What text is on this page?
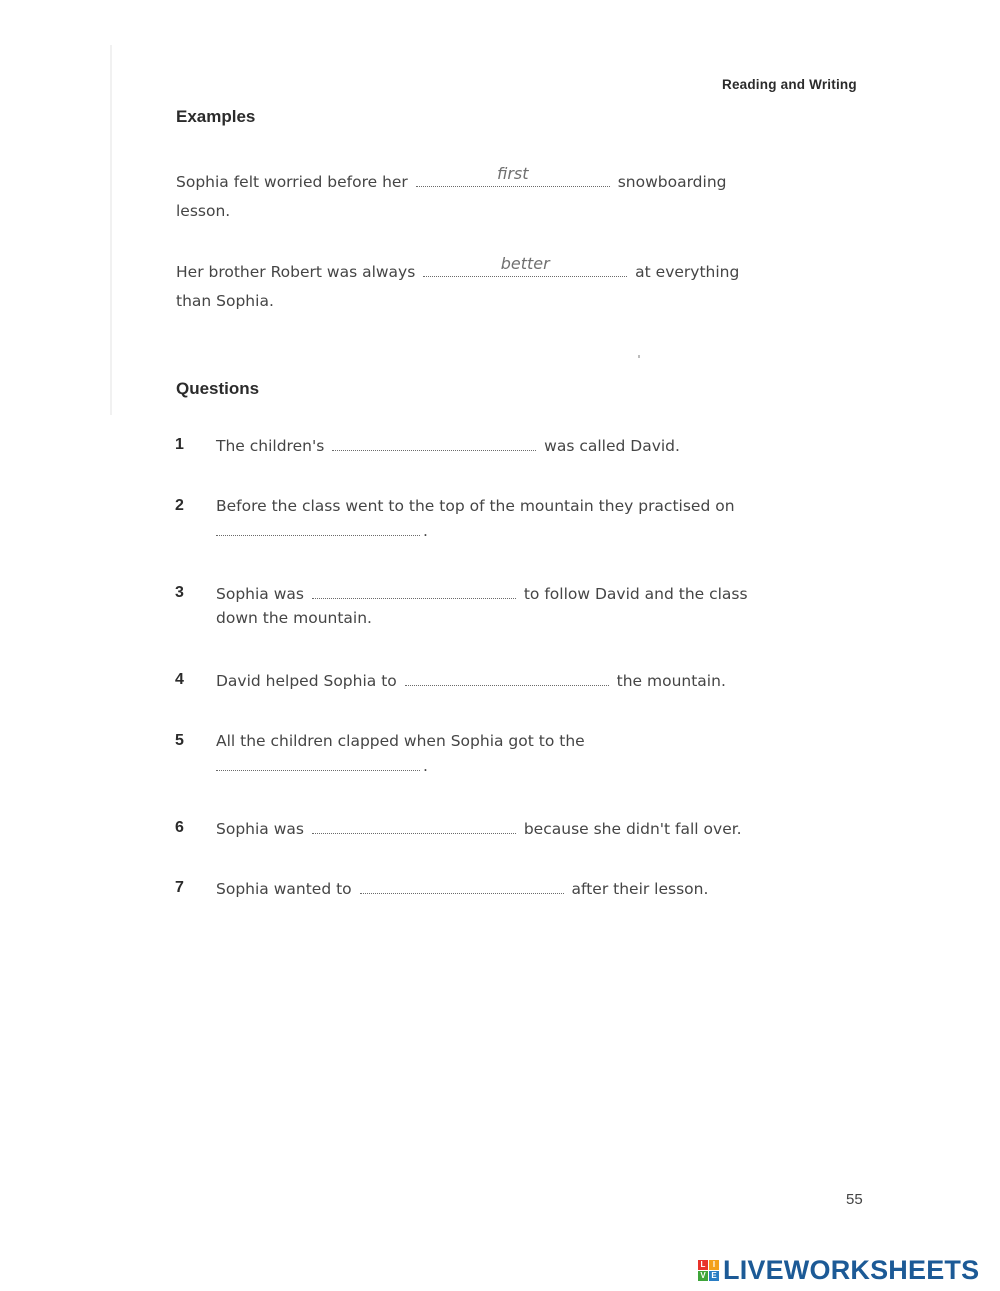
Reading and Writing
Examples
Sophia felt worried before her	first	snowboarding
lesson.
Her brother Robert was always	better	at everything
than Sophia.
Questions
1 The children's	was called David.
2 Before the class went to the top of the mountain they practised on
.
3 Sophia was	to follow David and the class
down the mountain.
4 David helped Sophia to	the mountain.
5 All the children clapped when Sophia got to the
.
6 Sophia was	because she didn't fall over.
7 Sophia wanted to	after their lesson.
55
L I
V E LIVEWORKSHEETS
